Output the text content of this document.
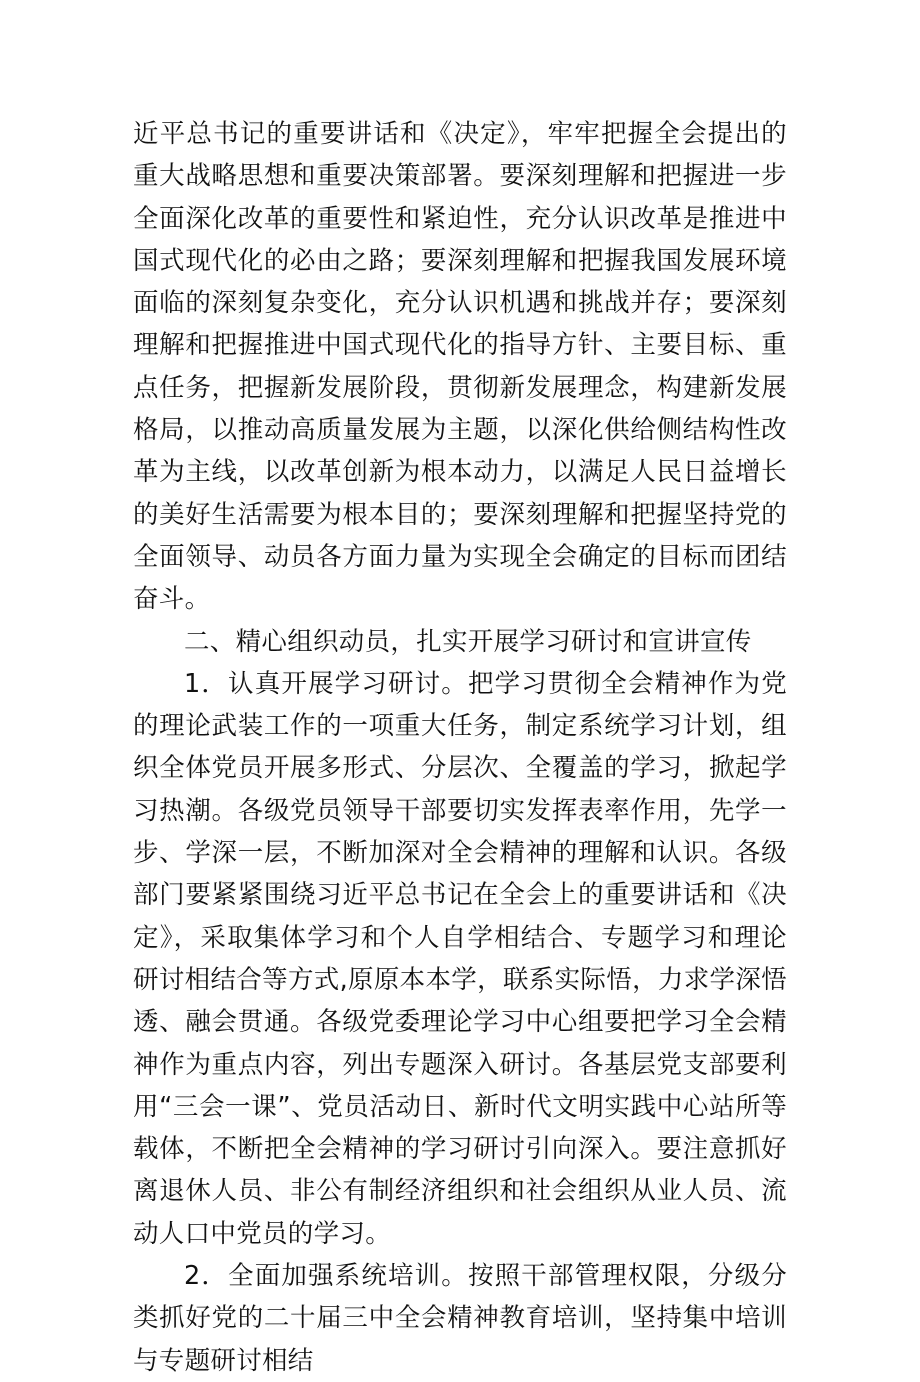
近平总书记的重要讲话和《决定》，牢牢把握全会提出的重大战略思想和重要决策部署。要深刻理解和把握进一步全面深化改革的重要性和紧迫性，充分认识改革是推进中国式现代化的必由之路；要深刻理解和把握我国发展环境面临的深刻复杂变化，充分认识机遇和挑战并存；要深刻理解和把握推进中国式现代化的指导方针、主要目标、重点任务，把握新发展阶段，贯彻新发展理念，构建新发展格局，以推动高质量发展为主题，以深化供给侧结构性改革为主线，以改革创新为根本动力，以满足人民日益增长的美好生活需要为根本目的；要深刻理解和把握坚持党的全面领导、动员各方面力量为实现全会确定的目标而团结奋斗。

二、精心组织动员，扎实开展学习研讨和宣讲宣传

1．认真开展学习研讨。把学习贯彻全会精神作为党的理论武装工作的一项重大任务，制定系统学习计划，组织全体党员开展多形式、分层次、全覆盖的学习，掀起学习热潮。各级党员领导干部要切实发挥表率作用，先学一步、学深一层，不断加深对全会精神的理解和认识。各级部门要紧紧围绕习近平总书记在全会上的重要讲话和《决定》，采取集体学习和个人自学相结合、专题学习和理论研讨相结合等方式,原原本本学，联系实际悟，力求学深悟透、融会贯通。各级党委理论学习中心组要把学习全会精神作为重点内容，列出专题深入研讨。各基层党支部要利用“三会一课”、党员活动日、新时代文明实践中心站所等载体，不断把全会精神的学习研讨引向深入。要注意抓好离退休人员、非公有制经济组织和社会组织从业人员、流动人口中党员的学习。

2．全面加强系统培训。按照干部管理权限，分级分类抓好党的二十届三中全会精神教育培训，坚持集中培训与专题研讨相结
